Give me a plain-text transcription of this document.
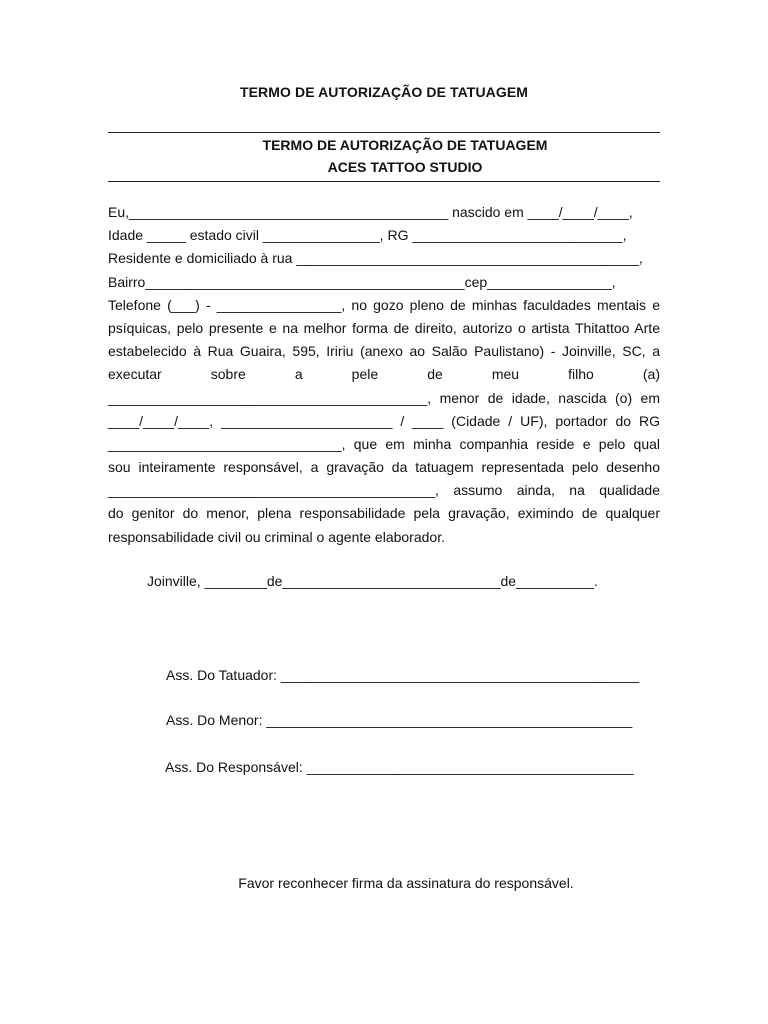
TERMO DE AUTORIZAÇÃO DE TATUAGEM
TERMO DE AUTORIZAÇÃO DE TATUAGEM
ACES TATTOO STUDIO
Eu,_________________________________________ nascido em ____/____/____,
Idade _____ estado civil _______________, RG ___________________________,
Residente e domiciliado à rua ____________________________________________,
Bairro_________________________________________cep________________,
Telefone (___) - ________________, no gozo pleno de minhas faculdades mentais e
psíquicas, pelo presente e na melhor forma de direito, autorizo o artista Thitattoo Arte
estabelecido à Rua Guaira, 595, Iririu (anexo ao Salão Paulistano) - Joinville, SC, a
executar sobre a pele de meu filho (a)
_________________________________________, menor de idade, nascida (o) em
____/____/____, ______________________ / ____ (Cidade / UF), portador do RG
______________________________, que em minha companhia reside e pelo qual
sou inteiramente responsável, a gravação da tatuagem representada pelo desenho
__________________________________________, assumo ainda, na qualidade
do genitor do menor, plena responsabilidade pela gravação, eximindo de qualquer
responsabilidade civil ou criminal o agente elaborador.
Joinville, ________de____________________________de__________.
Ass. Do Tatuador: ______________________________________________
Ass. Do Menor: _______________________________________________
Ass. Do Responsável: __________________________________________
Favor reconhecer firma da assinatura do responsável.
